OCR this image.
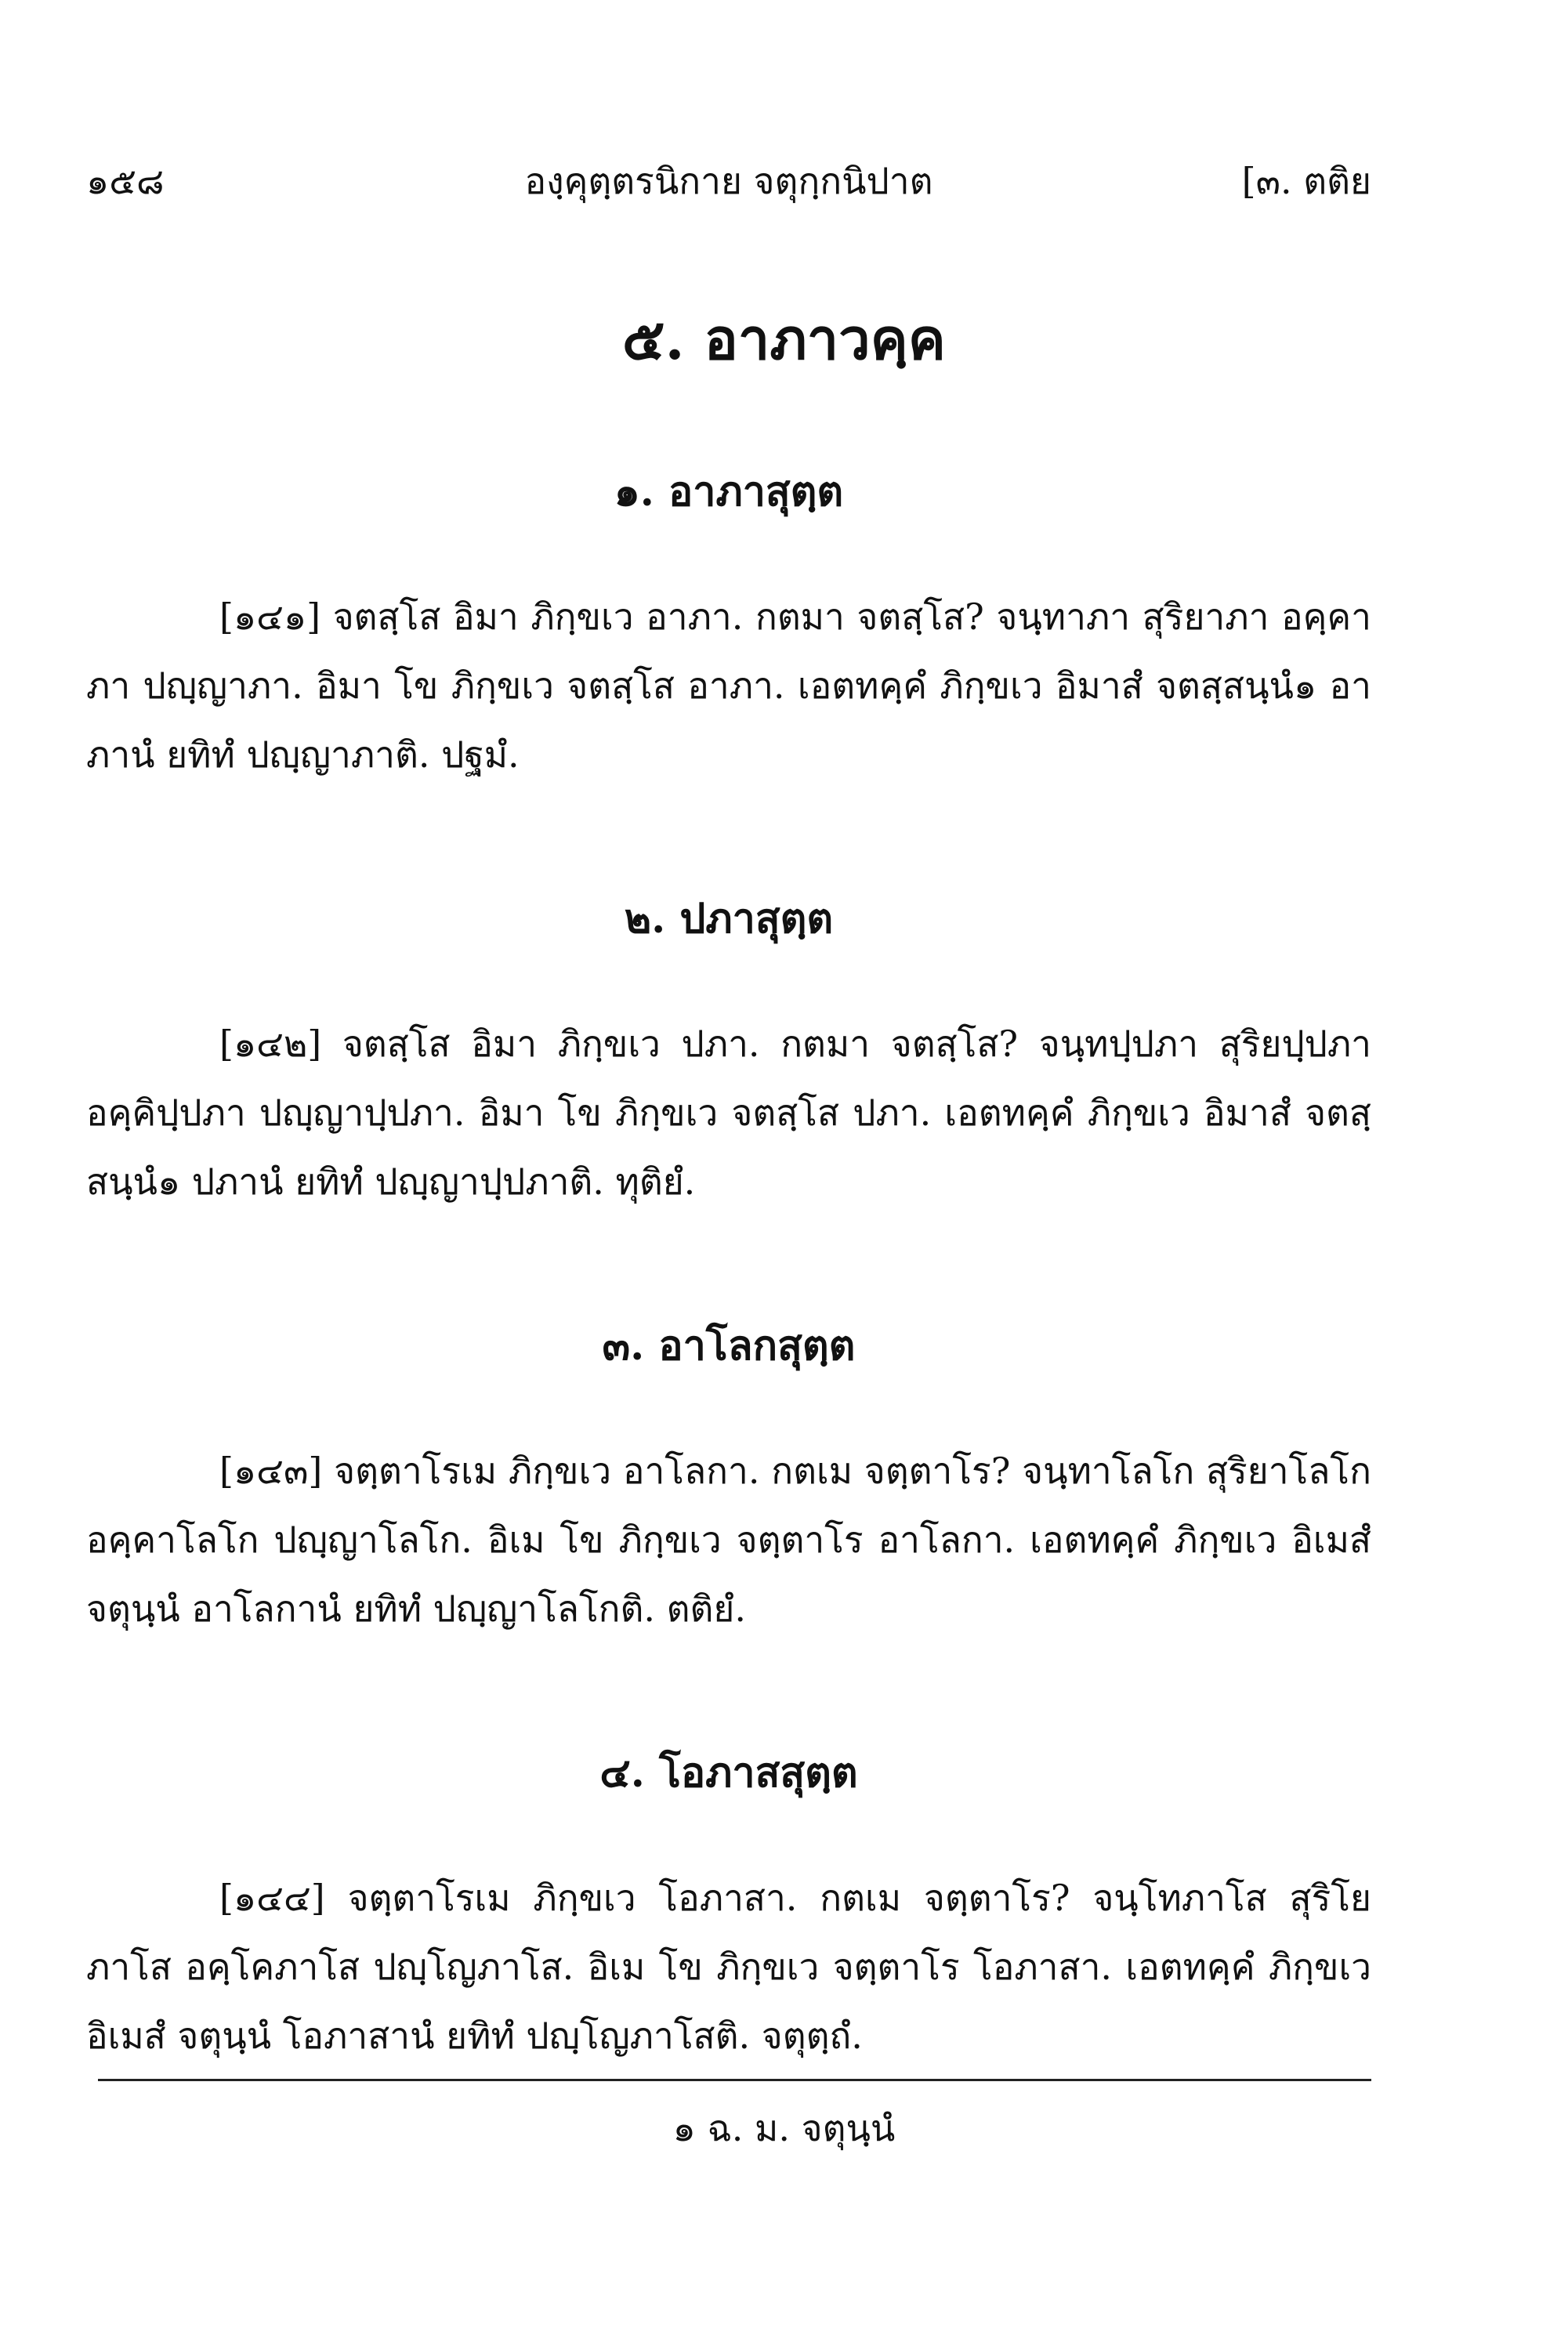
๑๕๘	องฺคุตฺตรนิกาย จตุกฺกนิปาต	[๓. ตติย
๕. อาภาวคฺค
๑. อาภาสุตฺต

[๑๔๑] จตสฺโส อิมา ภิกฺขเว อาภา. กตมา จตสฺโส? จนฺทาภา สุริยาภา อคฺคาภา ปญฺญาภา. อิมา โข ภิกฺขเว จตสฺโส อาภา. เอตทคฺคํ ภิกฺขเว อิมาสํ จตสฺสนฺนํ๑ อาภานํ ยทิทํ ปญฺญาภาติ. ปฐมํ.

๒. ปภาสุตฺต

[๑๔๒] จตสฺโส อิมา ภิกฺขเว ปภา. กตมา จตสฺโส? จนฺทปฺปภา สุริยปฺปภา อคฺคิปฺปภา ปญฺญาปฺปภา. อิมา โข ภิกฺขเว จตสฺโส ปภา. เอตทคฺคํ ภิกฺขเว อิมาสํ จตสฺสนฺนํ๑ ปภานํ ยทิทํ ปญฺญาปฺปภาติ. ทุติยํ.

๓. อาโลกสุตฺต

[๑๔๓] จตฺตาโรเม ภิกฺขเว อาโลกา. กตเม จตฺตาโร? จนฺทาโลโก สุริยาโลโก อคฺคาโลโก ปญฺญาโลโก. อิเม โข ภิกฺขเว จตฺตาโร อาโลกา. เอตทคฺคํ ภิกฺขเว อิเมสํ จตุนฺนํ อาโลกานํ ยทิทํ ปญฺญาโลโกติ. ตติยํ.

๔. โอภาสสุตฺต

[๑๔๔] จตฺตาโรเม ภิกฺขเว โอภาสา. กตเม จตฺตาโร? จนฺโทภาโส สุริโยภาโส อคฺโคภาโส ปญฺโญภาโส. อิเม โข ภิกฺขเว จตฺตาโร โอภาสา. เอตทคฺคํ ภิกฺขเว อิเมสํ จตุนฺนํ โอภาสานํ ยทิทํ ปญฺโญภาโสติ. จตุตฺถํ.

๑ ฉ. ม. จตุนฺนํ
